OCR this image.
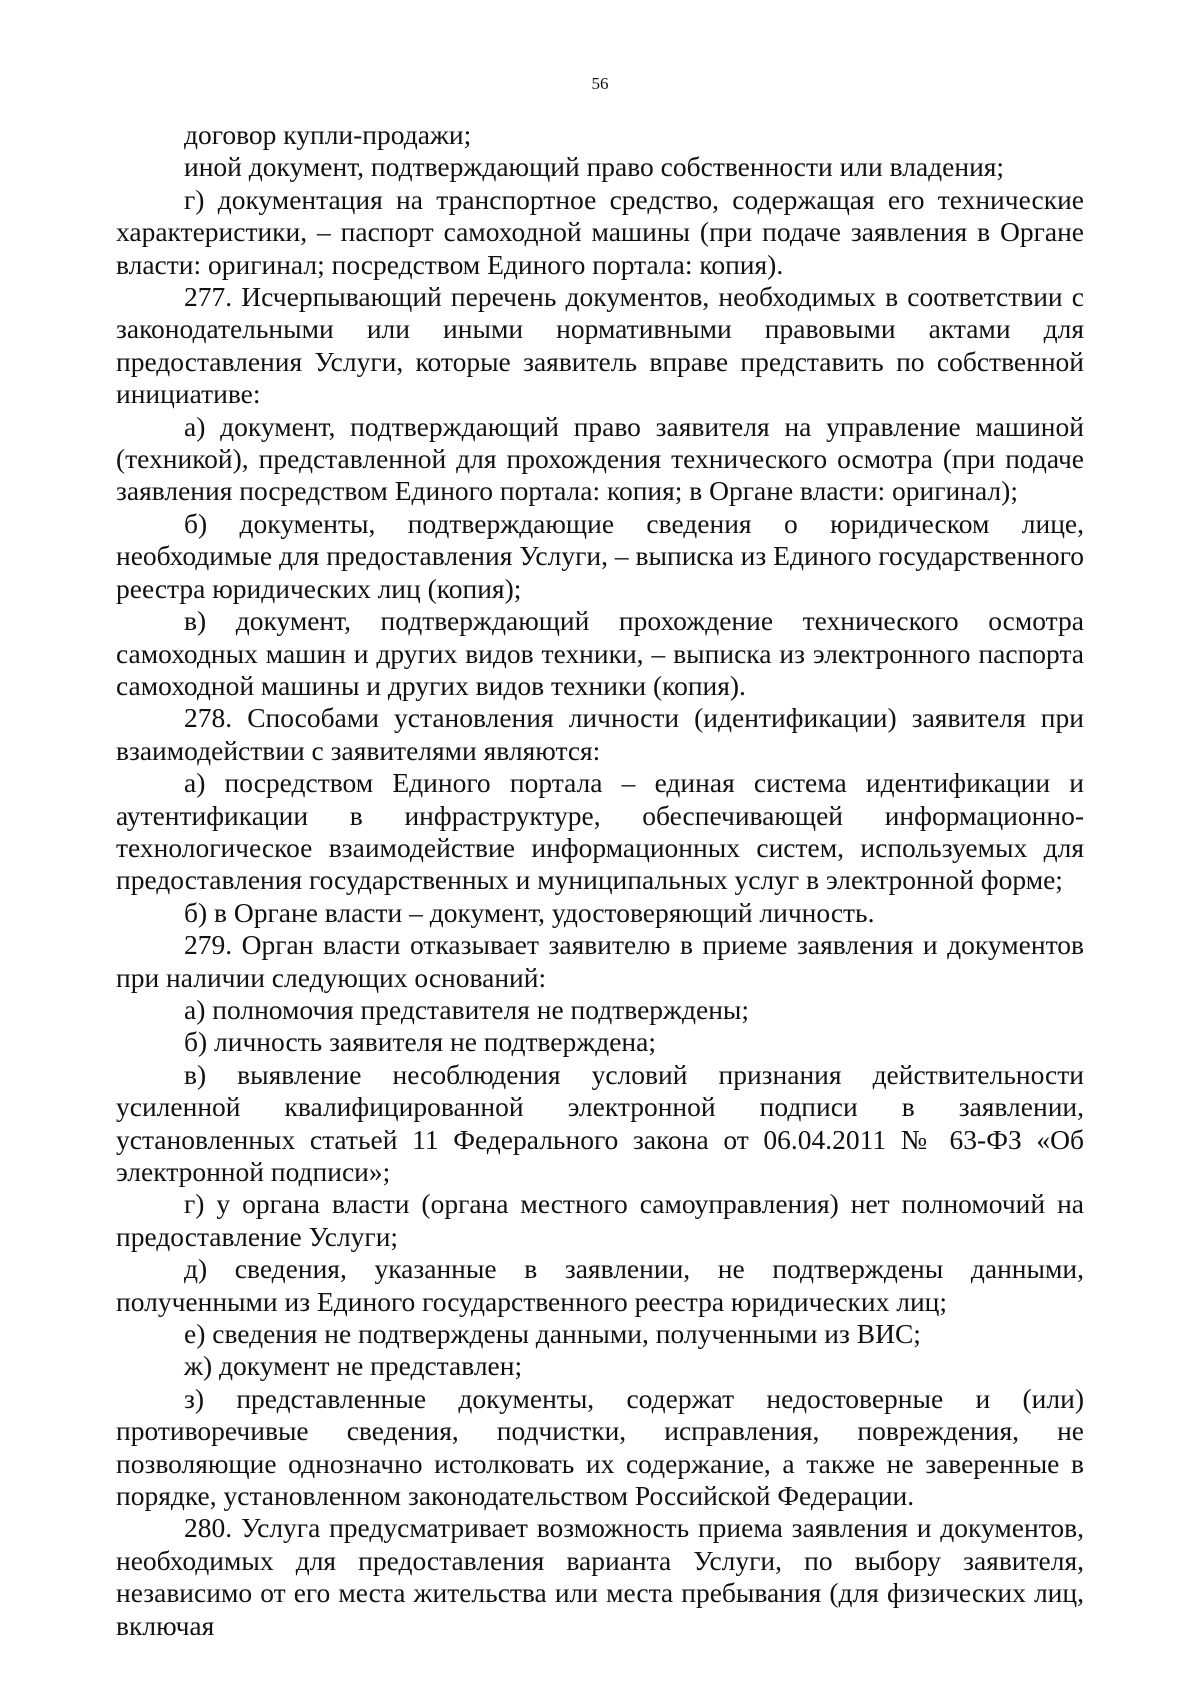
56

договор купли-продажи;

иной документ, подтверждающий право собственности или владения;

г) документация на транспортное средство, содержащая его технические характеристики, – паспорт самоходной машины (при подаче заявления в Органе власти: оригинал; посредством Единого портала: копия).

277. Исчерпывающий перечень документов, необходимых в соответствии с законодательными или иными нормативными правовыми актами для предоставления Услуги, которые заявитель вправе представить по собственной инициативе:

а) документ, подтверждающий право заявителя на управление машиной (техникой), представленной для прохождения технического осмотра (при подаче заявления посредством Единого портала: копия; в Органе власти: оригинал);

б) документы, подтверждающие сведения о юридическом лице, необходимые для предоставления Услуги, – выписка из Единого государственного реестра юридических лиц (копия);

в) документ, подтверждающий прохождение технического осмотра самоходных машин и других видов техники, – выписка из электронного паспорта самоходной машины и других видов техники (копия).

278. Способами установления личности (идентификации) заявителя при взаимодействии с заявителями являются:

а) посредством Единого портала – единая система идентификации и аутентификации в инфраструктуре, обеспечивающей информационно-технологическое взаимодействие информационных систем, используемых для предоставления государственных и муниципальных услуг в электронной форме;

б) в Органе власти – документ, удостоверяющий личность.

279. Орган власти отказывает заявителю в приеме заявления и документов при наличии следующих оснований:

а) полномочия представителя не подтверждены;

б) личность заявителя не подтверждена;

в) выявление несоблюдения условий признания действительности усиленной квалифицированной электронной подписи в заявлении, установленных статьей 11 Федерального закона от 06.04.2011 № 63-ФЗ «Об электронной подписи»;

г) у органа власти (органа местного самоуправления) нет полномочий на предоставление Услуги;

д) сведения, указанные в заявлении, не подтверждены данными, полученными из Единого государственного реестра юридических лиц;

е) сведения не подтверждены данными, полученными из ВИС;

ж) документ не представлен;

з) представленные документы, содержат недостоверные и (или) противоречивые сведения, подчистки, исправления, повреждения, не позволяющие однозначно истолковать их содержание, а также не заверенные в порядке, установленном законодательством Российской Федерации.

280. Услуга предусматривает возможность приема заявления и документов, необходимых для предоставления варианта Услуги, по выбору заявителя, независимо от его места жительства или места пребывания (для физических лиц, включая
